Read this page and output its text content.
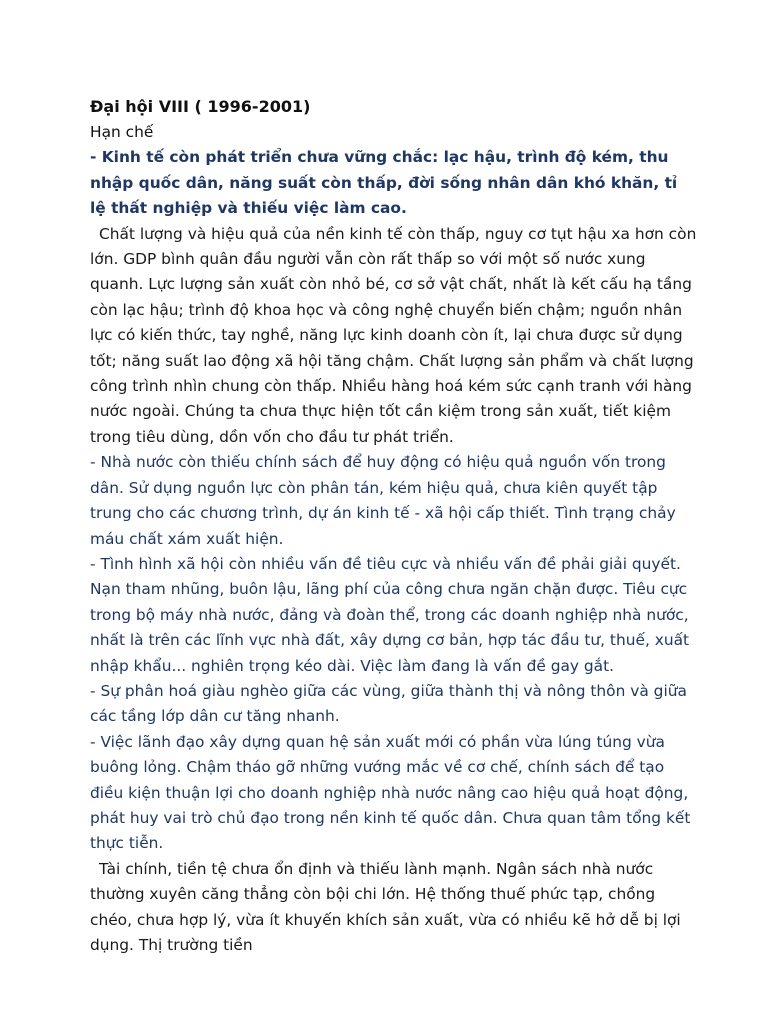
Đại hội VIII ( 1996-2001)

Hạn chế

- Kinh tế còn phát triển chưa vững chắc: lạc hậu, trình độ kém, thu nhập quốc dân, năng suất còn thấp, đời sống nhân dân khó khăn, tỉ lệ thất nghiệp và thiếu việc làm cao.

Chất lượng và hiệu quả của nền kinh tế còn thấp, nguy cơ tụt hậu xa hơn còn lớn. GDP bình quân đầu người vẫn còn rất thấp so với một số nước xung quanh. Lực lượng sản xuất còn nhỏ bé, cơ sở vật chất, nhất là kết cấu hạ tầng còn lạc hậu; trình độ khoa học và công nghệ chuyển biến chậm; nguồn nhân lực có kiến thức, tay nghề, năng lực kinh doanh còn ít, lại chưa được sử dụng tốt; năng suất lao động xã hội tăng chậm. Chất lượng sản phẩm và chất lượng công trình nhìn chung còn thấp. Nhiều hàng hoá kém sức cạnh tranh với hàng nước ngoài. Chúng ta chưa thực hiện tốt cần kiệm trong sản xuất, tiết kiệm trong tiêu dùng, dồn vốn cho đầu tư phát triển.

- Nhà nước còn thiếu chính sách để huy động có hiệu quả nguồn vốn trong dân. Sử dụng nguồn lực còn phân tán, kém hiệu quả, chưa kiên quyết tập trung cho các chương trình, dự án kinh tế - xã hội cấp thiết. Tình trạng chảy máu chất xám xuất hiện.

- Tình hình xã hội còn nhiều vấn đề tiêu cực và nhiều vấn đề phải giải quyết. Nạn tham nhũng, buôn lậu, lãng phí của công chưa ngăn chặn được. Tiêu cực trong bộ máy nhà nước, đảng và đoàn thể, trong các doanh nghiệp nhà nước, nhất là trên các lĩnh vực nhà đất, xây dựng cơ bản, hợp tác đầu tư, thuế, xuất nhập khẩu... nghiên trọng kéo dài. Việc làm đang là vấn đề gay gắt.

- Sự phân hoá giàu nghèo giữa các vùng, giữa thành thị và nông thôn và giữa các tầng lớp dân cư tăng nhanh.

- Việc lãnh đạo xây dựng quan hệ sản xuất mới có phần vừa lúng túng vừa buông lỏng. Chậm tháo gỡ những vướng mắc về cơ chế, chính sách để tạo điều kiện thuận lợi cho doanh nghiệp nhà nước nâng cao hiệu quả hoạt động, phát huy vai trò chủ đạo trong nền kinh tế quốc dân. Chưa quan tâm tổng kết thực tiễn.

Tài chính, tiền tệ chưa ổn định và thiếu lành mạnh. Ngân sách nhà nước thường xuyên căng thẳng còn bội chi lớn. Hệ thống thuế phức tạp, chồng chéo, chưa hợp lý, vừa ít khuyến khích sản xuất, vừa có nhiều kẽ hở dễ bị lợi dụng. Thị trường tiền
